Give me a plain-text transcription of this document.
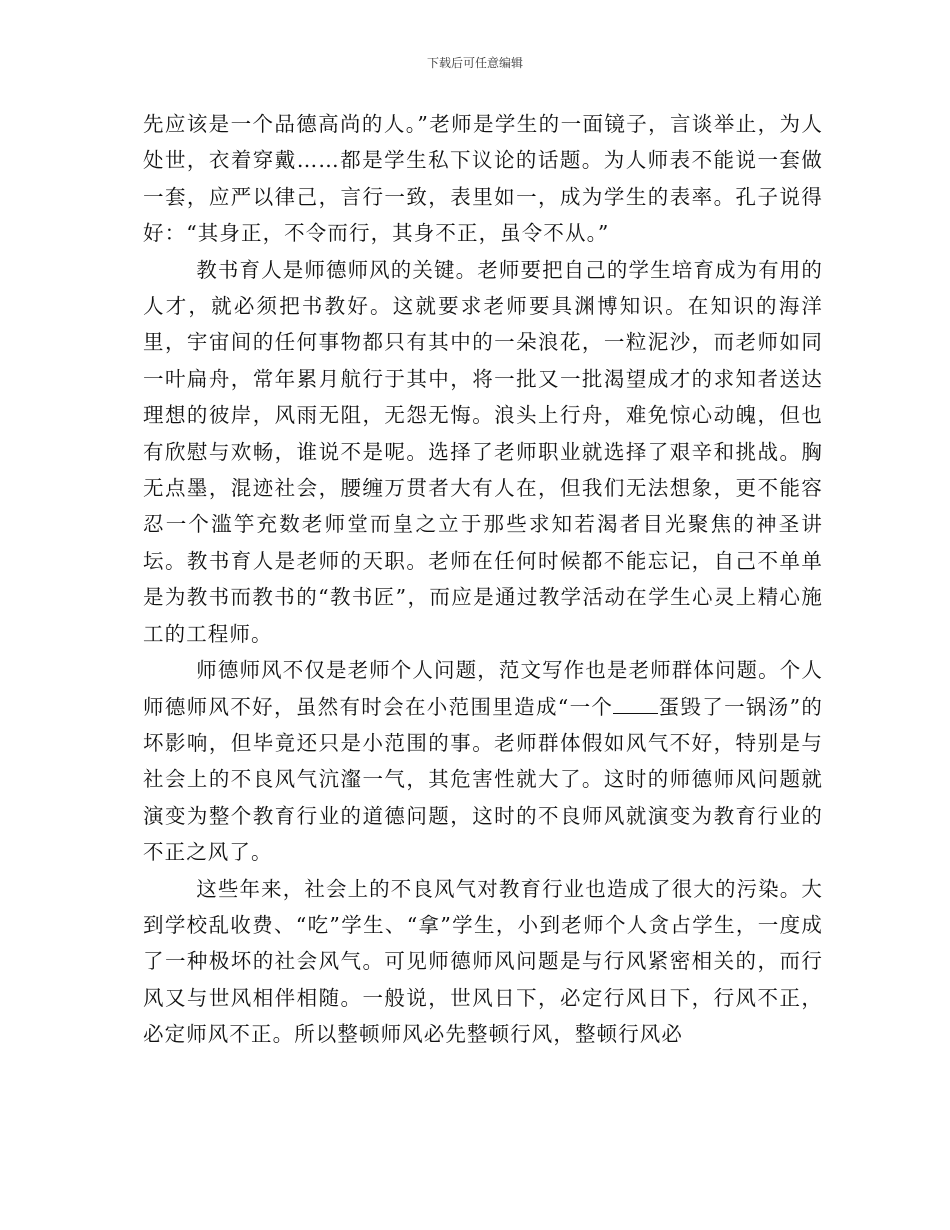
下载后可任意编辑

先应该是一个品德高尚的人。”老师是学生的一面镜子，言谈举止，为人处世，衣着穿戴……都是学生私下议论的话题。为人师表不能说一套做一套，应严以律己，言行一致，表里如一，成为学生的表率。孔子说得好：“其身正，不令而行，其身不正，虽令不从。”

教书育人是师德师风的关键。老师要把自己的学生培育成为有用的人才，就必须把书教好。这就要求老师要具渊博知识。在知识的海洋里，宇宙间的任何事物都只有其中的一朵浪花，一粒泥沙，而老师如同一叶扁舟，常年累月航行于其中，将一批又一批渴望成才的求知者送达理想的彼岸，风雨无阻，无怨无悔。浪头上行舟，难免惊心动魄，但也有欣慰与欢畅，谁说不是呢。选择了老师职业就选择了艰辛和挑战。胸无点墨，混迹社会，腰缠万贯者大有人在，但我们无法想象，更不能容忍一个滥竽充数老师堂而皇之立于那些求知若渴者目光聚焦的神圣讲坛。教书育人是老师的天职。老师在任何时候都不能忘记，自己不单单是为教书而教书的“教书匠”，而应是通过教学活动在学生心灵上精心施工的工程师。

师德师风不仅是老师个人问题，范文写作也是老师群体问题。个人师德师风不好，虽然有时会在小范围里造成“一个 蛋毁了一锅汤”的坏影响，但毕竟还只是小范围的事。老师群体假如风气不好，特别是与社会上的不良风气沆瀣一气，其危害性就大了。这时的师德师风问题就演变为整个教育行业的道德问题，这时的不良师风就演变为教育行业的不正之风了。

这些年来，社会上的不良风气对教育行业也造成了很大的污染。大到学校乱收费、“吃”学生、“拿”学生，小到老师个人贪占学生，一度成了一种极坏的社会风气。可见师德师风问题是与行风紧密相关的，而行风又与世风相伴相随。一般说，世风日下，必定行风日下，行风不正，必定师风不正。所以整顿师风必先整顿行风，整顿行风必
